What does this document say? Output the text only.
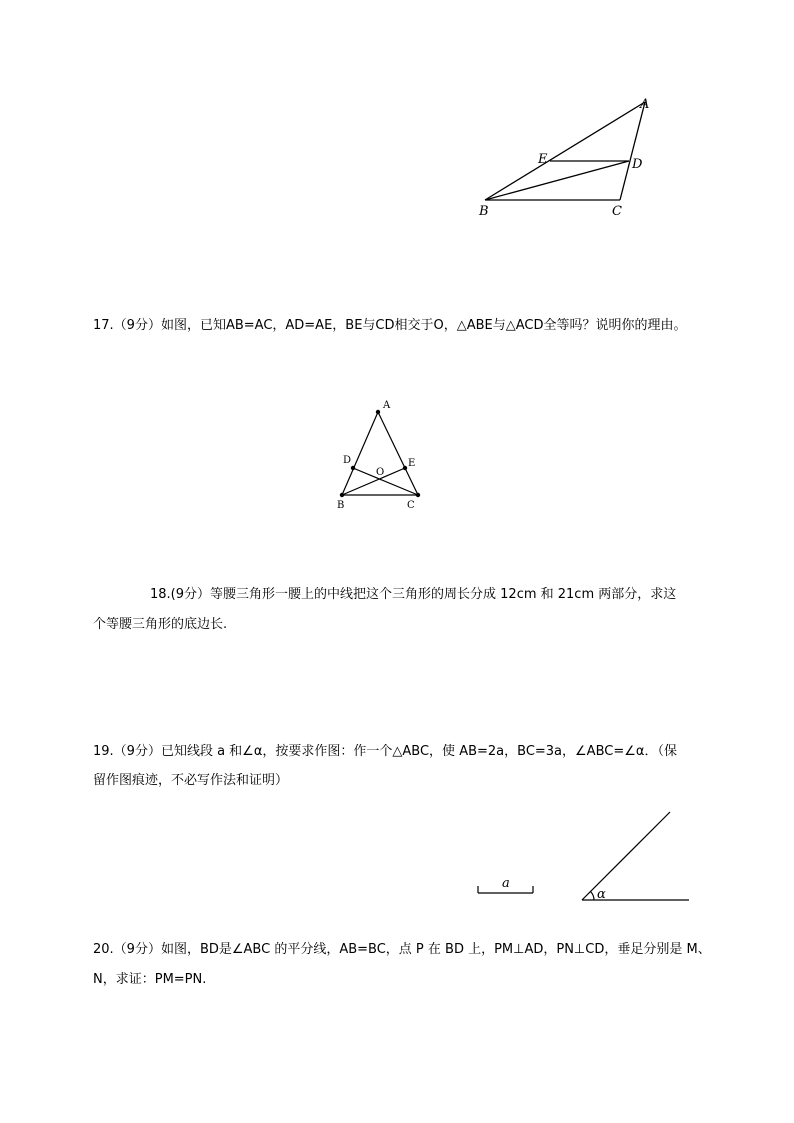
A
B	C
D
E
17.（9分）如图，已知AB=AC，AD=AE，BE与CD相交于O，△ABE与△ACD全等吗？说明你的理由。
A
B	C
D	E
O
18.(9分）等腰三角形一腰上的中线把这个三角形的周长分成 12cm 和 21cm 两部分，求这
个等腰三角形的底边长.
19.（9分）已知线段 a 和∠α，按要求作图：作一个△ABC，使 AB=2a，BC=3a，∠ABC=∠α．（保
留作图痕迹，不必写作法和证明）
a
α
20.（9分）如图，BD是∠ABC 的平分线，AB=BC，点 P 在 BD 上，PM⊥AD，PN⊥CD，垂足分别是 M、
N，求证：PM=PN.
